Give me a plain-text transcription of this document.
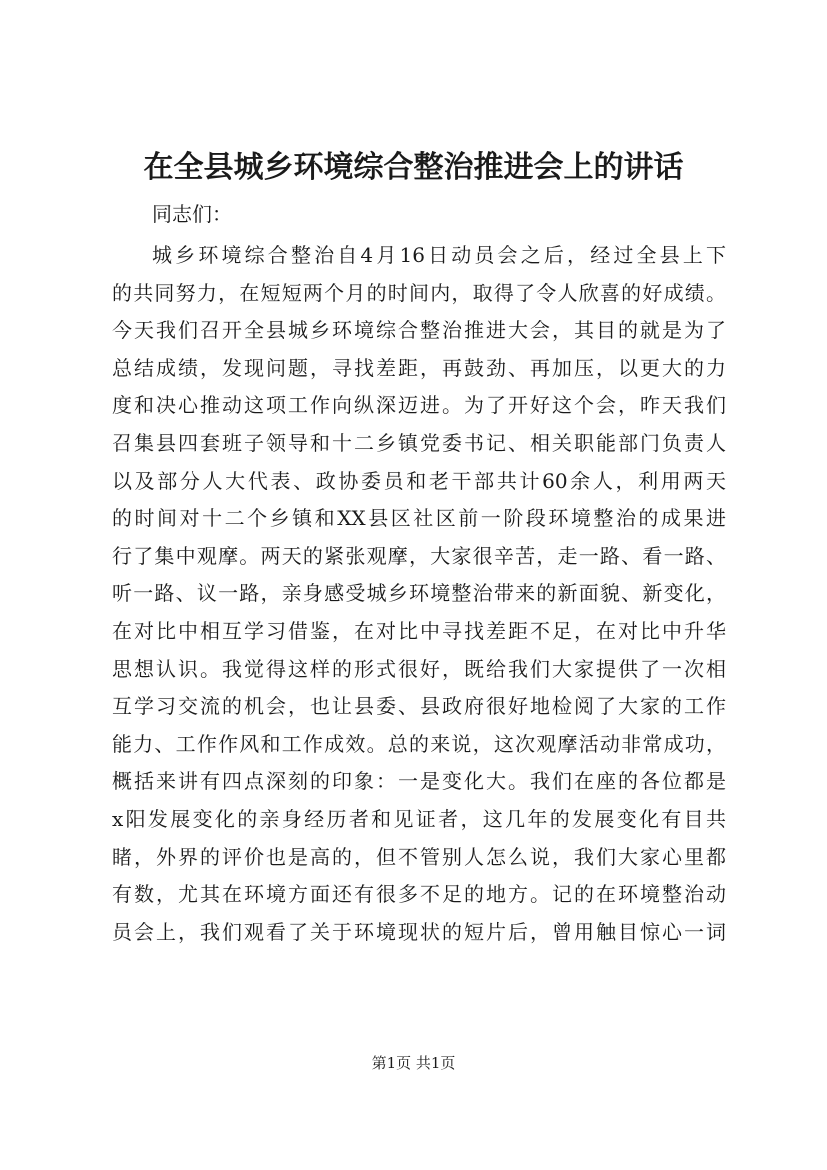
在全县城乡环境综合整治推进会上的讲话

同志们：

城乡环境综合整治自4月16日动员会之后，经过全县上下
的共同努力，在短短两个月的时间内，取得了令人欣喜的好成绩。
今天我们召开全县城乡环境综合整治推进大会，其目的就是为了
总结成绩，发现问题，寻找差距，再鼓劲、再加压，以更大的力
度和决心推动这项工作向纵深迈进。为了开好这个会，昨天我们
召集县四套班子领导和十二乡镇党委书记、相关职能部门负责人
以及部分人大代表、政协委员和老干部共计60余人，利用两天
的时间对十二个乡镇和XX县区社区前一阶段环境整治的成果进
行了集中观摩。两天的紧张观摩，大家很辛苦，走一路、看一路、
听一路、议一路，亲身感受城乡环境整治带来的新面貌、新变化，
在对比中相互学习借鉴，在对比中寻找差距不足，在对比中升华
思想认识。我觉得这样的形式很好，既给我们大家提供了一次相
互学习交流的机会，也让县委、县政府很好地检阅了大家的工作
能力、工作作风和工作成效。总的来说，这次观摩活动非常成功，
概括来讲有四点深刻的印象：一是变化大。我们在座的各位都是
x阳发展变化的亲身经历者和见证者，这几年的发展变化有目共
睹，外界的评价也是高的，但不管别人怎么说，我们大家心里都
有数，尤其在环境方面还有很多不足的地方。记的在环境整治动
员会上，我们观看了关于环境现状的短片后，曾用触目惊心一词

第1页 共1页
